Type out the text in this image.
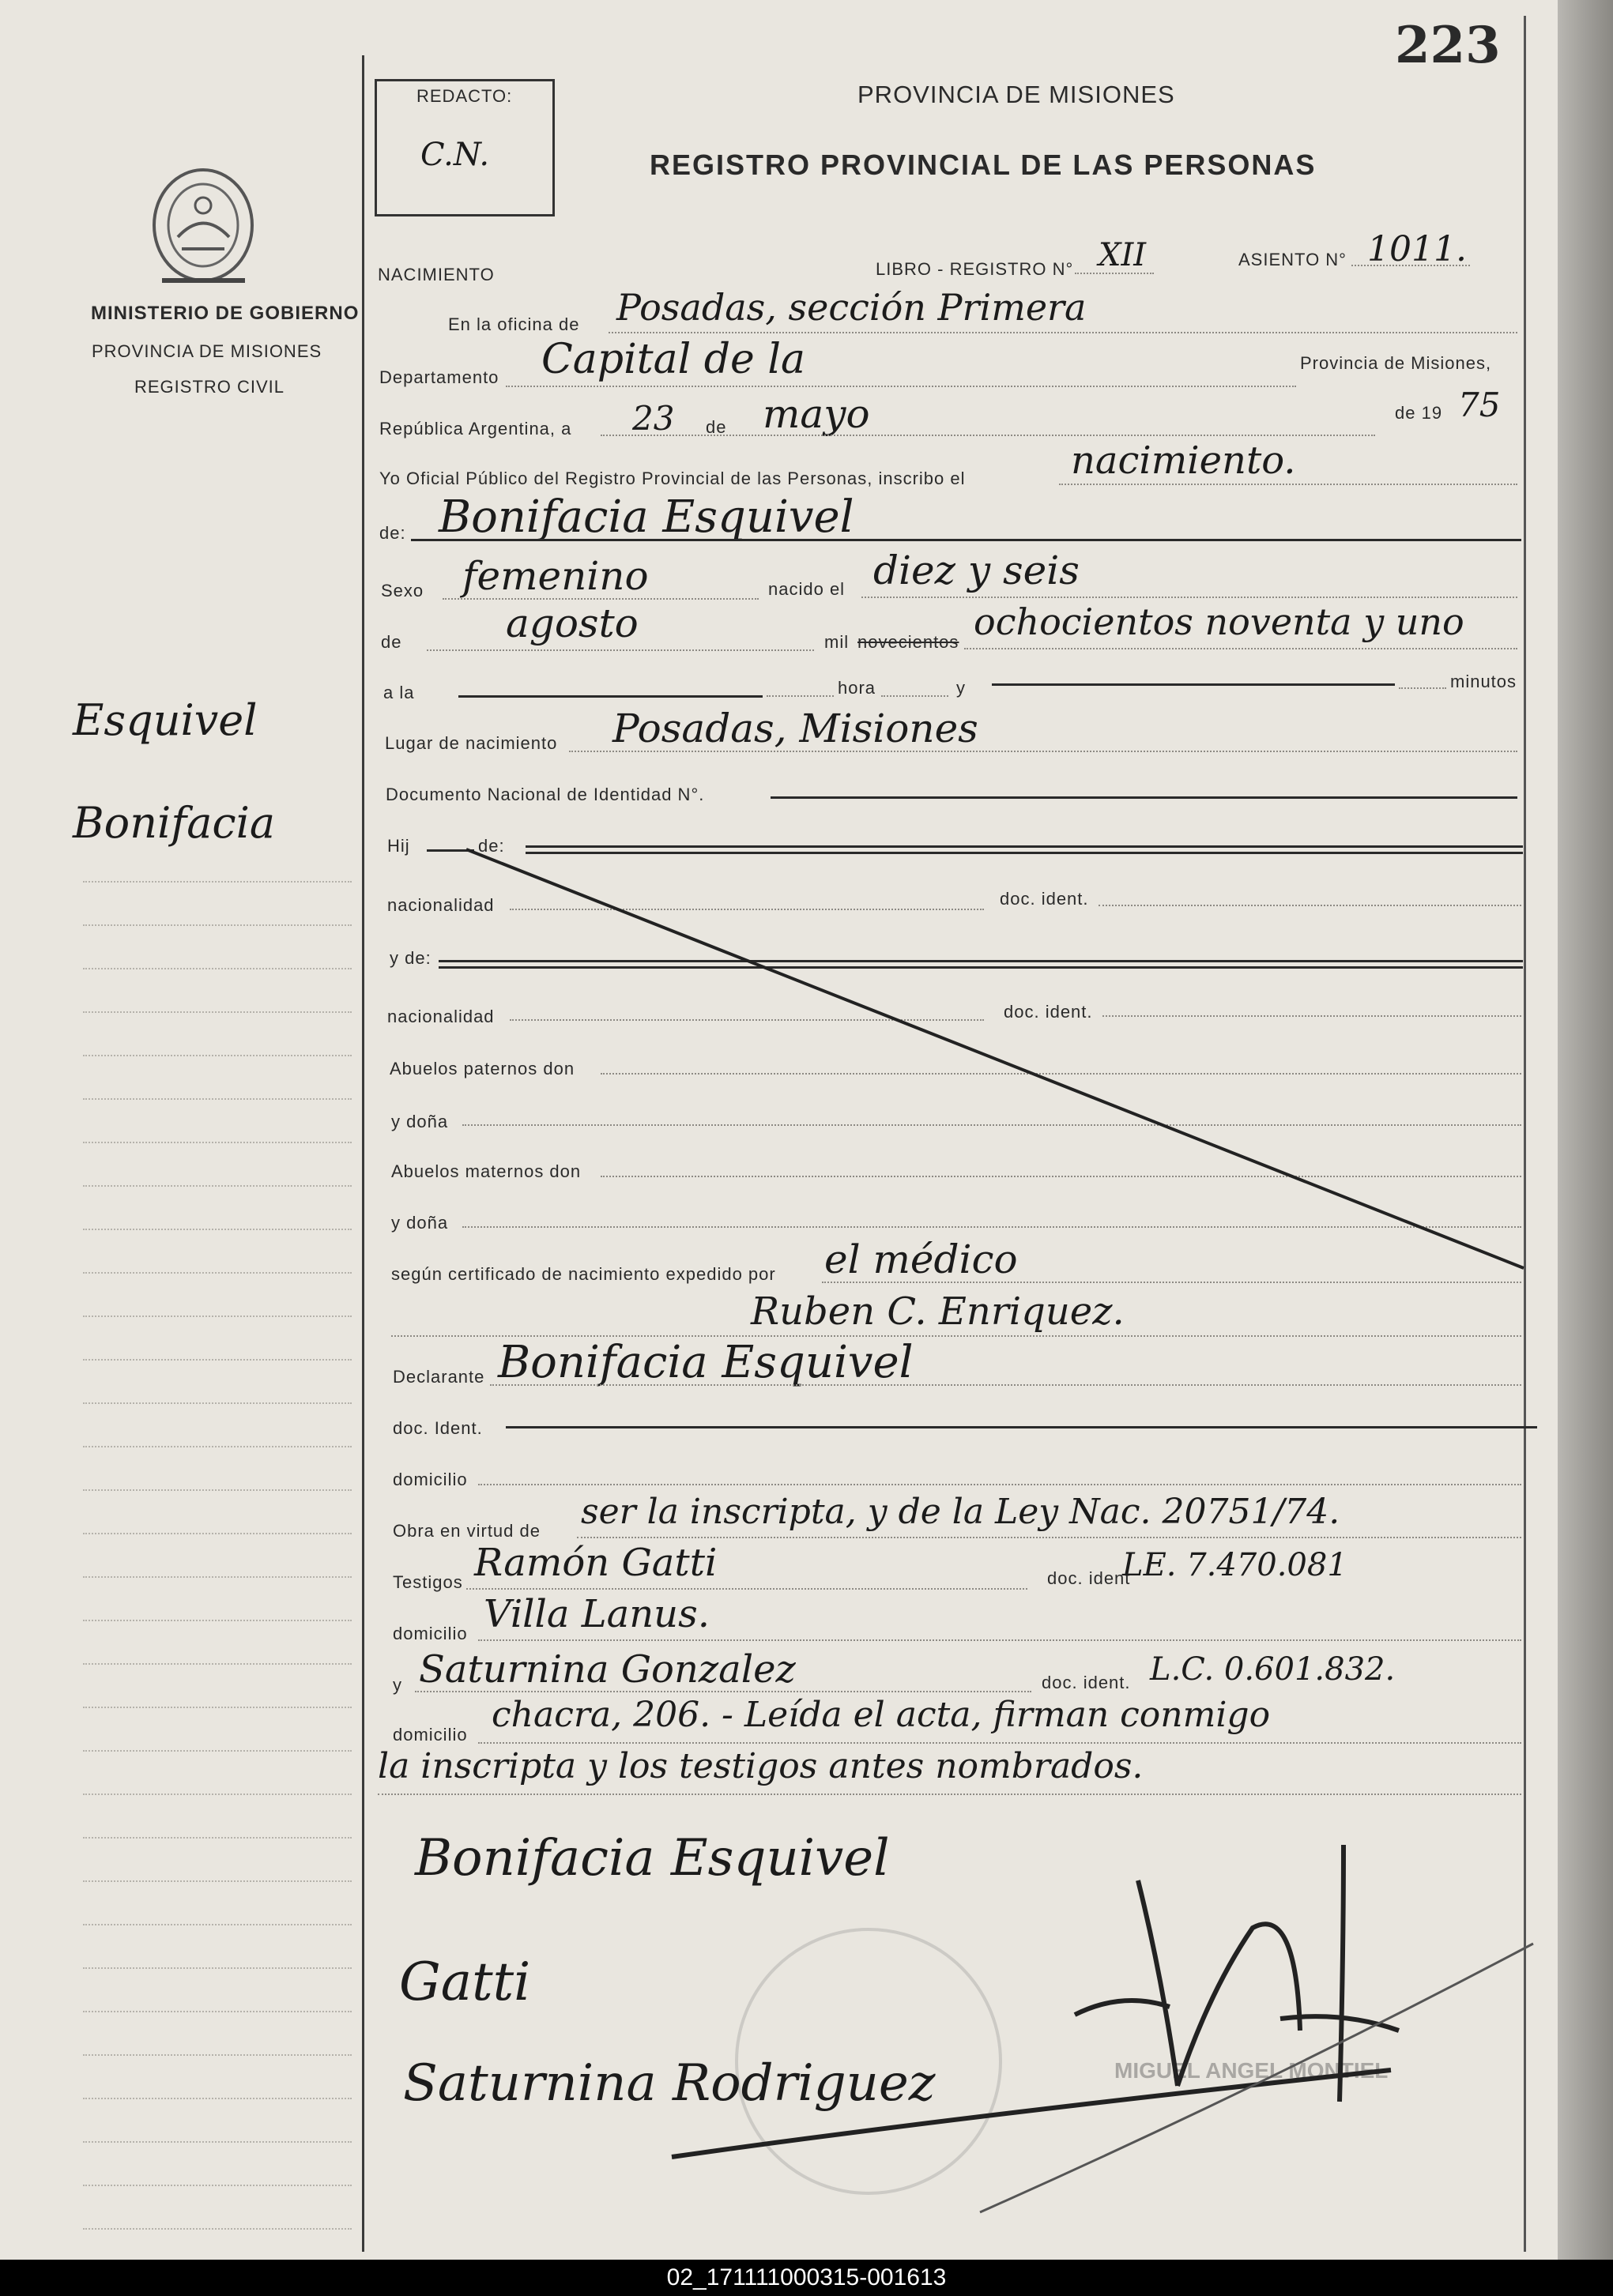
223
REDACTO:
C.N.
PROVINCIA DE MISIONES
REGISTRO PROVINCIAL DE LAS PERSONAS
MINISTERIO DE GOBIERNO
PROVINCIA DE MISIONES
REGISTRO CIVIL
Esquivel
Bonifacia
NACIMIENTO	LIBRO - REGISTRO N° XII	ASIENTO N° 1011.
En la oficina de Posadas, sección Primera
Departamento Capital de la	Provincia de Misiones,
República Argentina, a 23 de mayo	de 19 75
Yo Oficial Público del Registro Provincial de las Personas, inscribo el	nacimiento.
de: Bonifacia Esquivel
Sexo femenino	nacido el diez y seis
de	agosto	mil novecientos ochocientos noventa y uno
a la	hora	y	minutos
Lugar de nacimiento Posadas, Misiones
Documento Nacional de Identidad N°.
Hij	de:
nacionalidad	doc. ident.
y de:
nacionalidad	doc. ident.
Abuelos paternos don
y doña
Abuelos maternos don
y doña
según certificado de nacimiento expedido por el médico
Ruben C. Enriquez.
Declarante Bonifacia Esquivel
doc. Ident.
domicilio
Obra en virtud de ser la inscripta, y de la Ley Nac. 20751/74.
Testigos Ramón Gatti	doc. ident
LE. 7.470.081
domicilio Villa Lanus.
y Saturnina Gonzalez	doc. ident. L.C. 0.601.832.
domicilio chacra, 206. - Leída el acta, firman conmigo
la inscripta y los testigos antes nombrados.
MIGUEL ANGEL MONTIEL
Bonifacia Esquivel
Gatti
Saturnina Rodriguez
02_171111000315-001613
